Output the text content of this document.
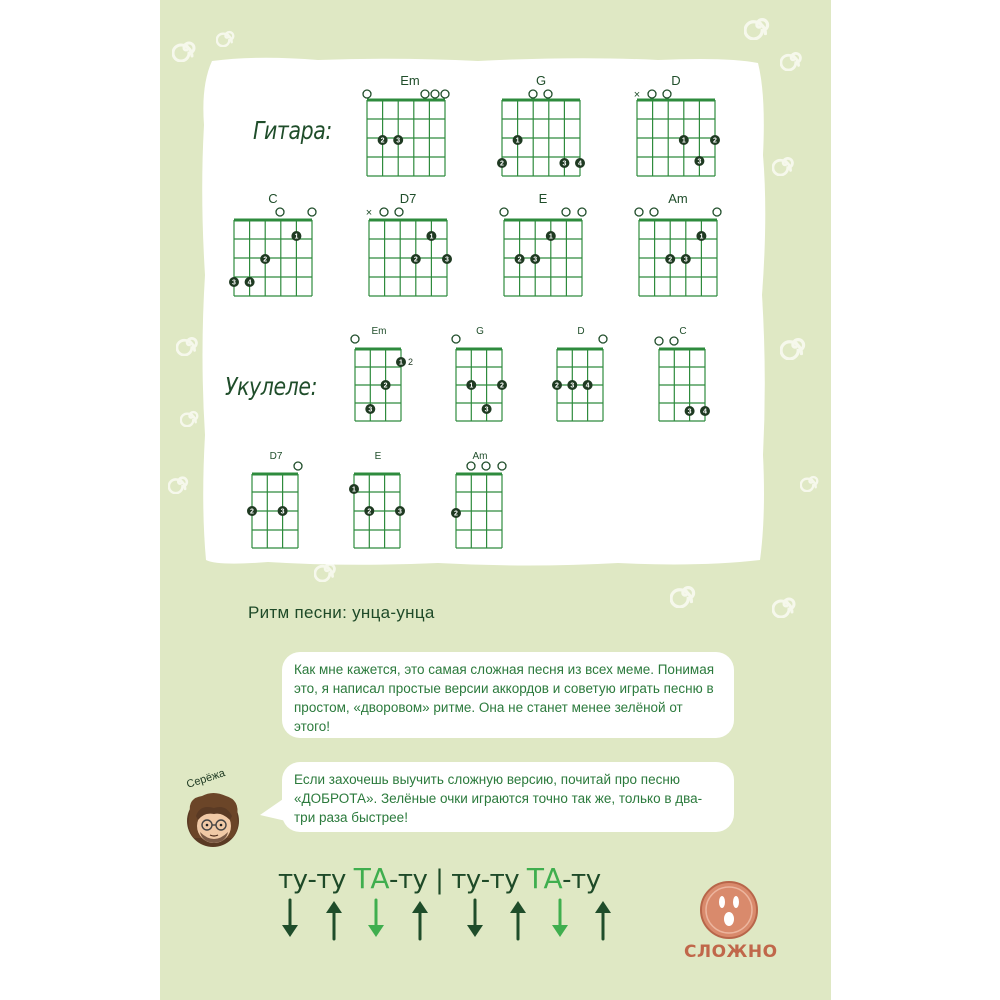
Гитара:
Укулеле:
Em
2 3
G
1
2	3 4
D
×
1	2
3
C
1
2
3 4
D7
×
1
2	3
E
1
2 3
Am
1
2 3
Em
1
2
3
2
G
1	2
3
D
2 3 4
C
3 4
D7
2	3
E
1
2	3
Am
2
Ритм песни: унца-унца

Как мне кажется, это самая сложная песня из всех меме. Понимая это, я написал простые версии аккордов и советую играть песню в простом, «дворовом» ритме. Она не станет менее зелёной от этого!

Если захочешь выучить сложную версию, почитай про песню «ДОБРОТА». Зелёные очки играются точно так же, только в два-три раза быстрее!

Серёжа
ту-ту ТА-ту | ту-ту ТА-ту
СЛОЖНО
